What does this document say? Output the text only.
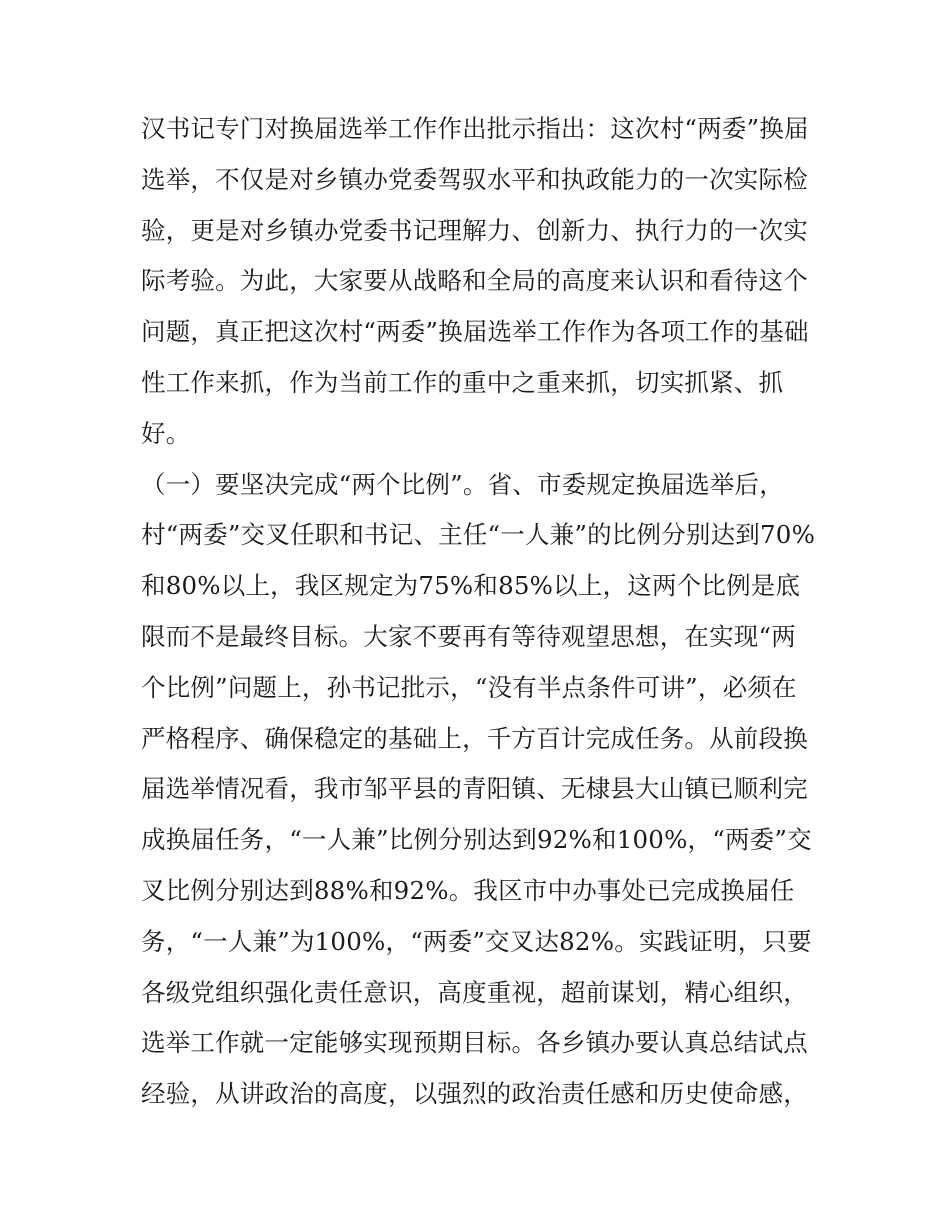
汉书记专门对换届选举工作作出批示指出：这次村“两委”换届
选举，不仅是对乡镇办党委驾驭水平和执政能力的一次实际检
验，更是对乡镇办党委书记理解力、创新力、执行力的一次实
际考验。为此，大家要从战略和全局的高度来认识和看待这个
问题，真正把这次村“两委”换届选举工作作为各项工作的基础
性工作来抓，作为当前工作的重中之重来抓，切实抓紧、抓
好。
（一）要坚决完成“两个比例”。省、市委规定换届选举后，
村“两委”交叉任职和书记、主任“一人兼”的比例分别达到70%
和80%以上，我区规定为75%和85%以上，这两个比例是底
限而不是最终目标。大家不要再有等待观望思想，在实现“两
个比例”问题上，孙书记批示，“没有半点条件可讲”，必须在
严格程序、确保稳定的基础上，千方百计完成任务。从前段换
届选举情况看，我市邹平县的青阳镇、无棣县大山镇已顺利完
成换届任务，“一人兼”比例分别达到92%和100%，“两委”交
叉比例分别达到88%和92%。我区市中办事处已完成换届任
务，“一人兼”为100%，“两委”交叉达82%。实践证明，只要
各级党组织强化责任意识，高度重视，超前谋划，精心组织，
选举工作就一定能够实现预期目标。各乡镇办要认真总结试点
经验，从讲政治的高度，以强烈的政治责任感和历史使命感，
